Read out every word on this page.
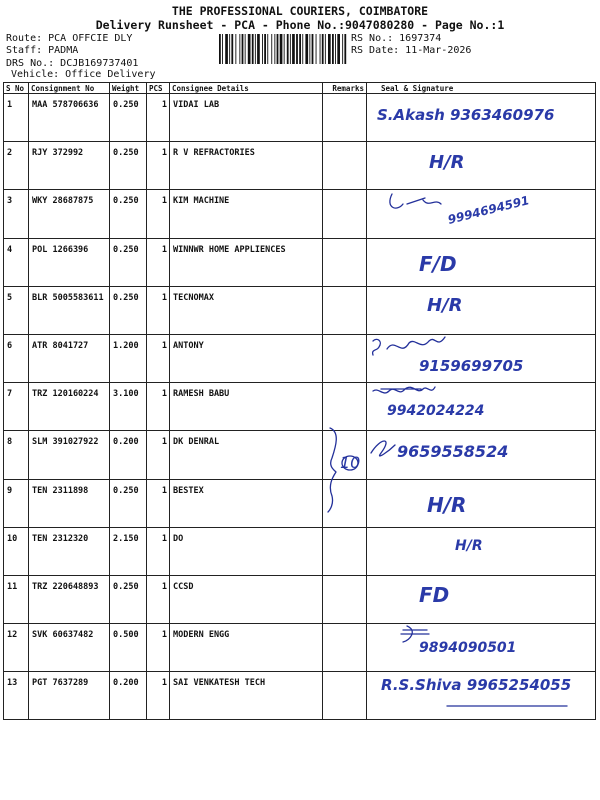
THE PROFESSIONAL COURIERS, COIMBATORE
Delivery Runsheet - PCA - Phone No.:9047080280 - Page No.:1
Route: PCA OFFCIE DLY
Staff: PADMA
DRS No.: DCJB169737401
Vehicle: Office Delivery
RS No.: 1697374
RS Date: 11-Mar-2026
S No	Consignment No	Weight	PCS	Consignee Details	Remarks	Seal & Signature
1	MAA 578706636	0.250	1	VIDAI LAB		S.Akash 9363460976

2	RJY 372992	0.250	1	R V REFRACTORIES		H/R

3	WKY 28687875	0.250	1	KIM MACHINE		9994694591

4	POL 1266396	0.250	1	WINNWR HOME APPLIENCES		F/D

5	BLR 5005583611	0.250	1	TECNOMAX		H/R

6	ATR 8041727	1.200	1	ANTONY		9159699705

7	TRZ 120160224	3.100	1	RAMESH BABU		9942024224

8	SLM 391027922	0.200	1	DK DENRAL		9659558524

9	TEN 2311898	0.250	1	BESTEX		H/R

10	TEN 2312320	2.150	1	DO		H/R

11	TRZ 220648893	0.250	1	CCSD		FD

12	SVK 60637482	0.500	1	MODERN ENGG		9894090501

13	PGT 7637289	0.200	1	SAI VENKATESH TECH		R.S.Shiva 9965254055
10
